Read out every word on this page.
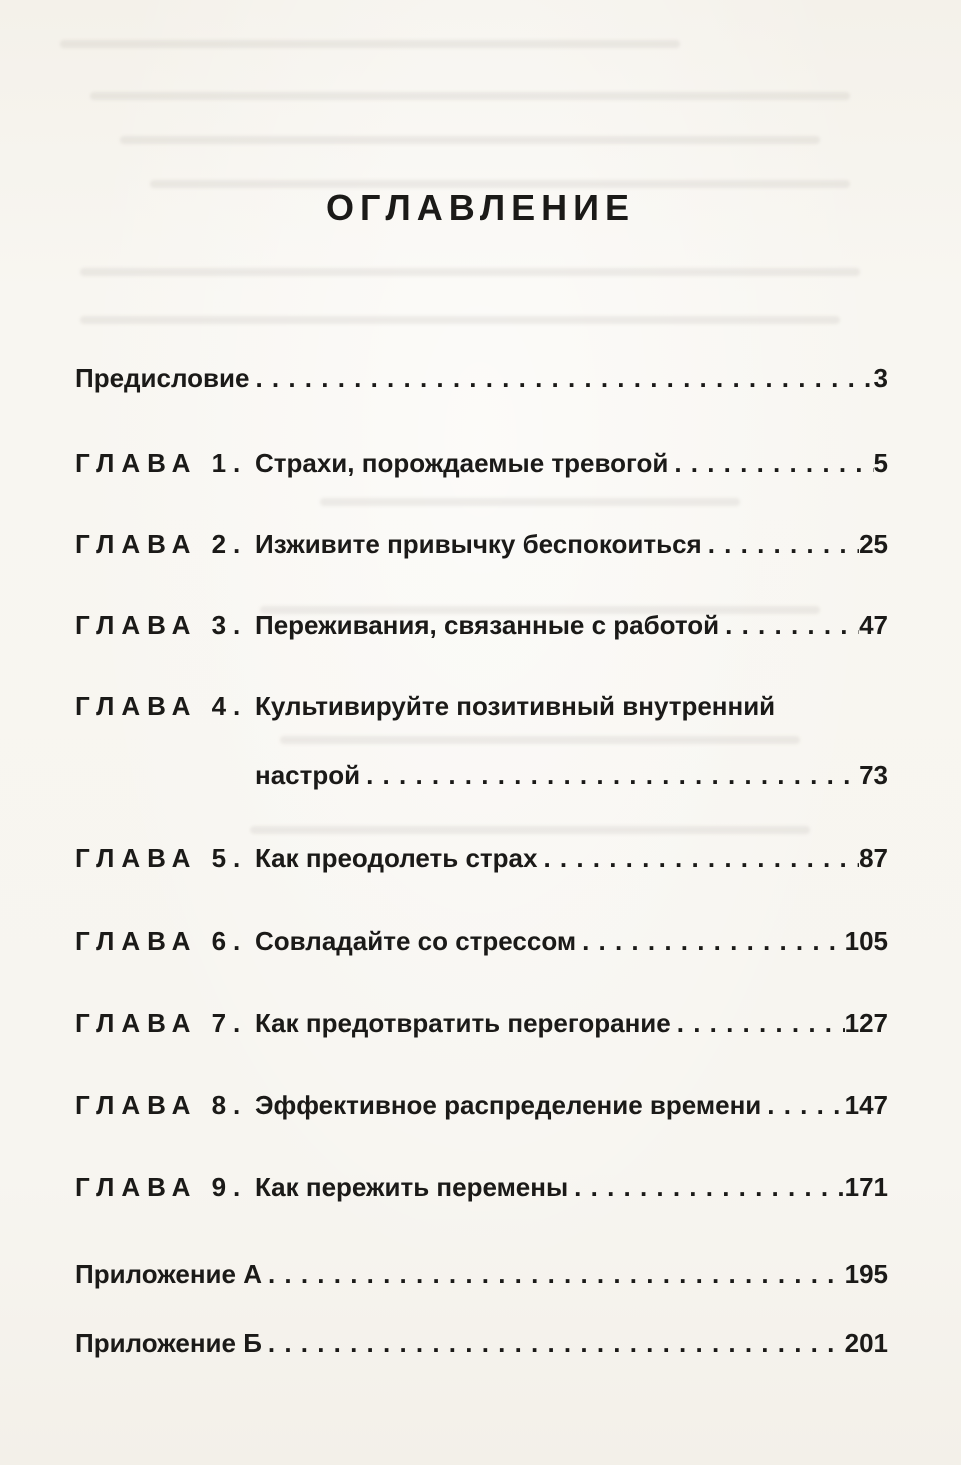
ОГЛАВЛЕНИЕ
Предисловие . . .	3
ГЛАВА 1. Страхи, порождаемые тревогой . . .	5
ГЛАВА 2. Изживите привычку беспокоиться . . .	25
ГЛАВА 3. Переживания, связанные с работой . . .	47
ГЛАВА 4. Культивируйте позитивный внутренний
настрой . . .	73
ГЛАВА 5. Как преодолеть страх . . .	87
ГЛАВА 6. Совладайте со стрессом . . .	105
ГЛАВА 7. Как предотвратить перегорание . . .	127
ГЛАВА 8. Эффективное распределение времени . . .	147
ГЛАВА 9. Как пережить перемены . . .	171
Приложение А . . .	195
Приложение Б . . .	201
